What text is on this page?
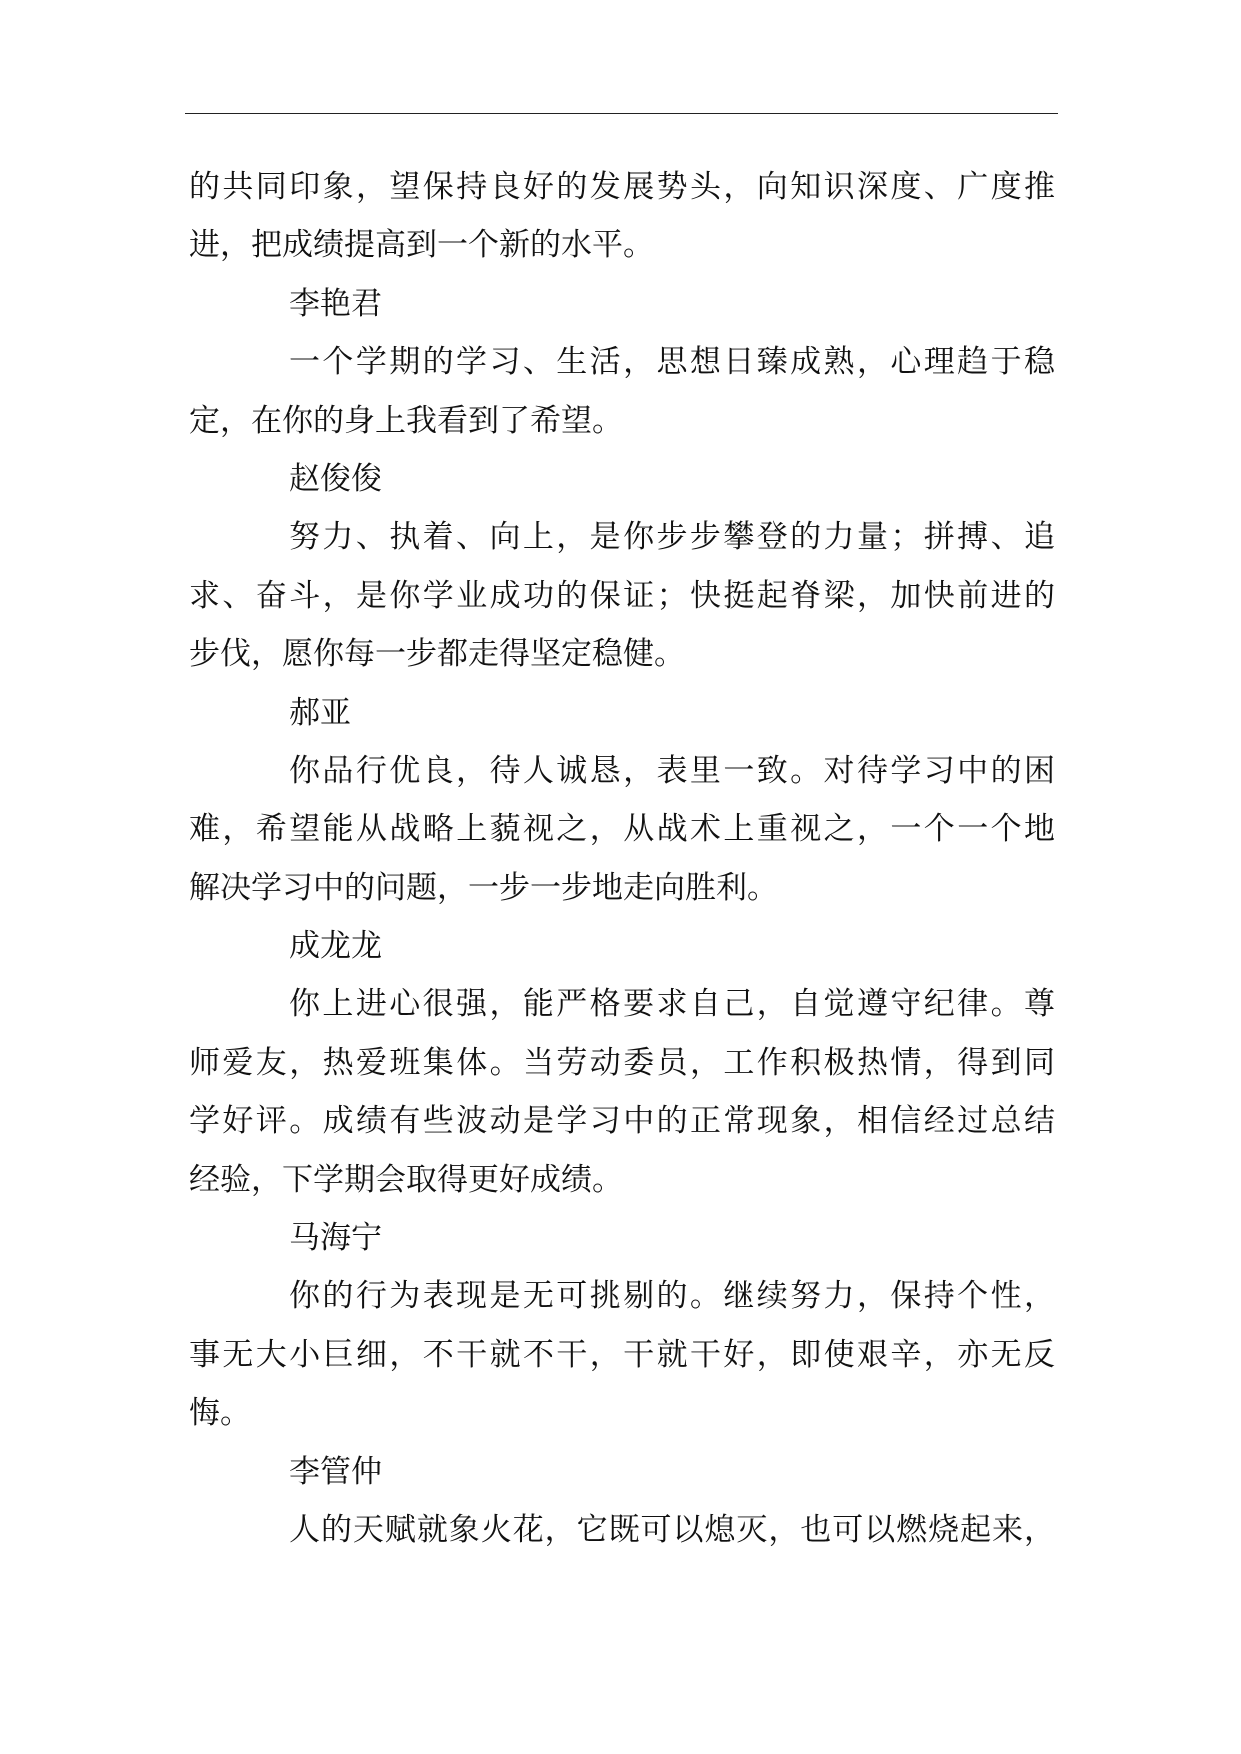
的共同印象，望保持良好的发展势头，向知识深度、广度推
进，把成绩提高到一个新的水平。
李艳君
一个学期的学习、生活，思想日臻成熟，心理趋于稳
定，在你的身上我看到了希望。
赵俊俊
努力、执着、向上，是你步步攀登的力量；拼搏、追
求、奋斗，是你学业成功的保证；快挺起脊梁，加快前进的
步伐，愿你每一步都走得坚定稳健。
郝亚
你品行优良，待人诚恳，表里一致。对待学习中的困
难，希望能从战略上藐视之，从战术上重视之，一个一个地
解决学习中的问题，一步一步地走向胜利。
成龙龙
你上进心很强，能严格要求自己，自觉遵守纪律。尊
师爱友，热爱班集体。当劳动委员，工作积极热情，得到同
学好评。成绩有些波动是学习中的正常现象，相信经过总结
经验，下学期会取得更好成绩。
马海宁
你的行为表现是无可挑剔的。继续努力，保持个性，
事无大小巨细，不干就不干，干就干好，即使艰辛，亦无反
悔。
李管仲
人的天赋就象火花，它既可以熄灭，也可以燃烧起来，
